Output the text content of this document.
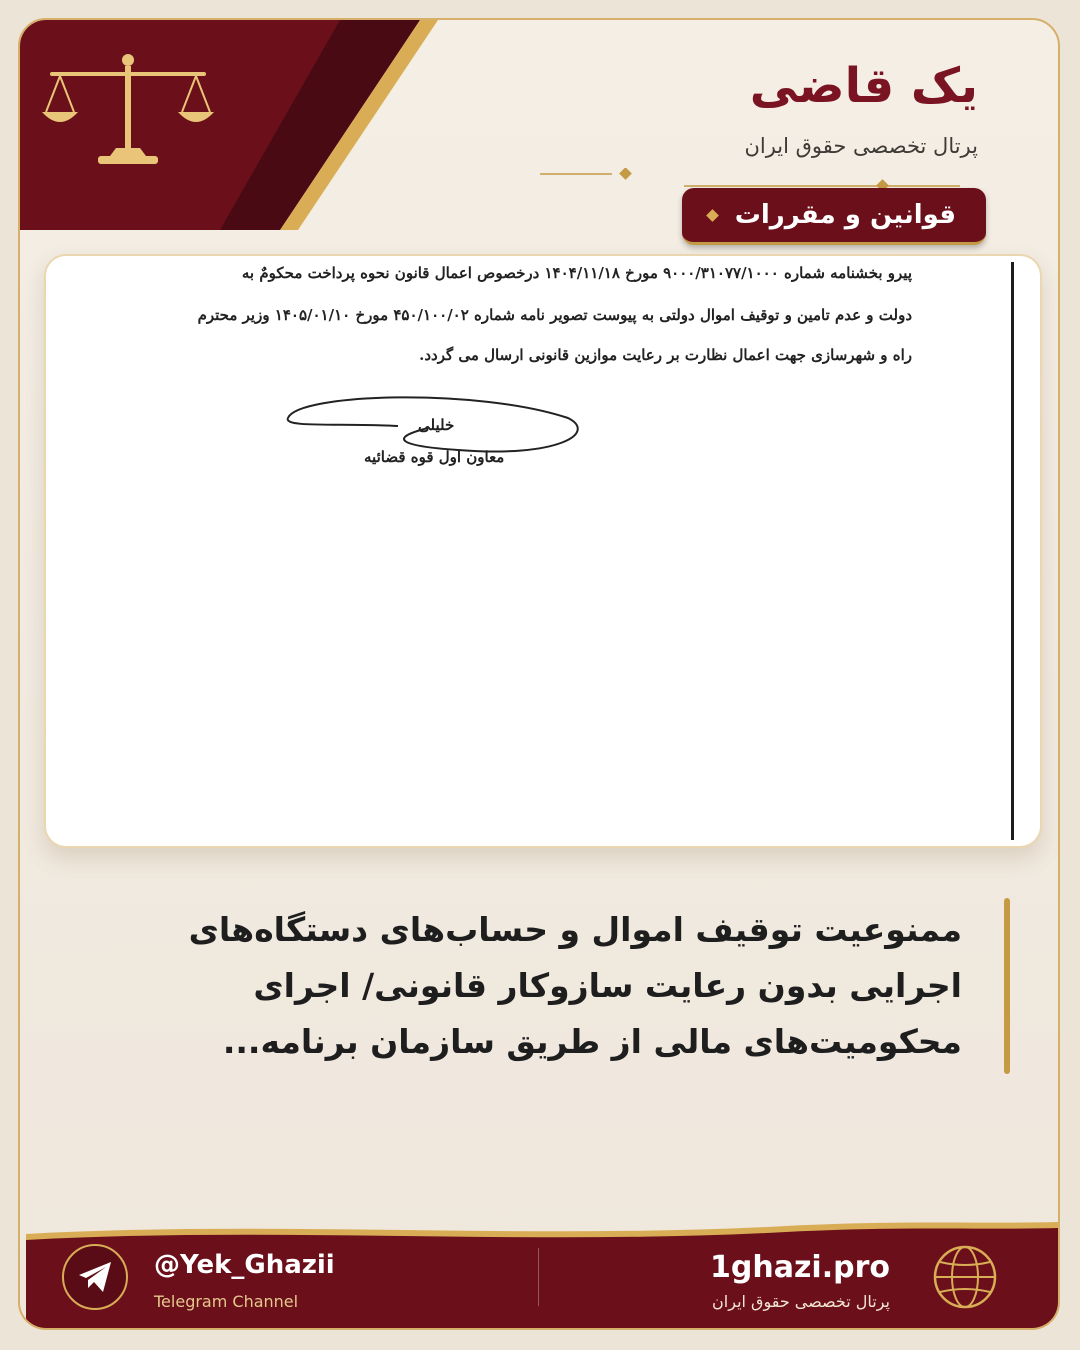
یک قاضی
پرتال تخصصی حقوق ایران
قوانین و مقررات
پیرو بخشنامه شماره ۹۰۰۰/۳۱۰۷۷/۱۰۰۰ مورخ ۱۴۰۴/۱۱/۱۸ درخصوص اعمال قانون نحوه پرداخت محکومٌ به
دولت و عدم تامین و توقیف اموال دولتی به پیوست تصویر نامه شماره ۴۵۰/۱۰۰/۰۲ مورخ ۱۴۰۵/۰۱/۱۰ وزیر محترم
راه و شهرسازی جهت اعمال نظارت بر رعایت موازین قانونی ارسال می گردد.
خلیلی
معاون اول قوه قضائیه
ممنوعیت توقیف اموال و حساب‌های دستگاه‌های
اجرایی بدون رعایت سازوکار قانونی/ اجرای
محکومیت‌های مالی از طریق سازمان برنامه...
@Yek_Ghazii
Telegram Channel
1ghazi.pro
پرتال تخصصی حقوق ایران
